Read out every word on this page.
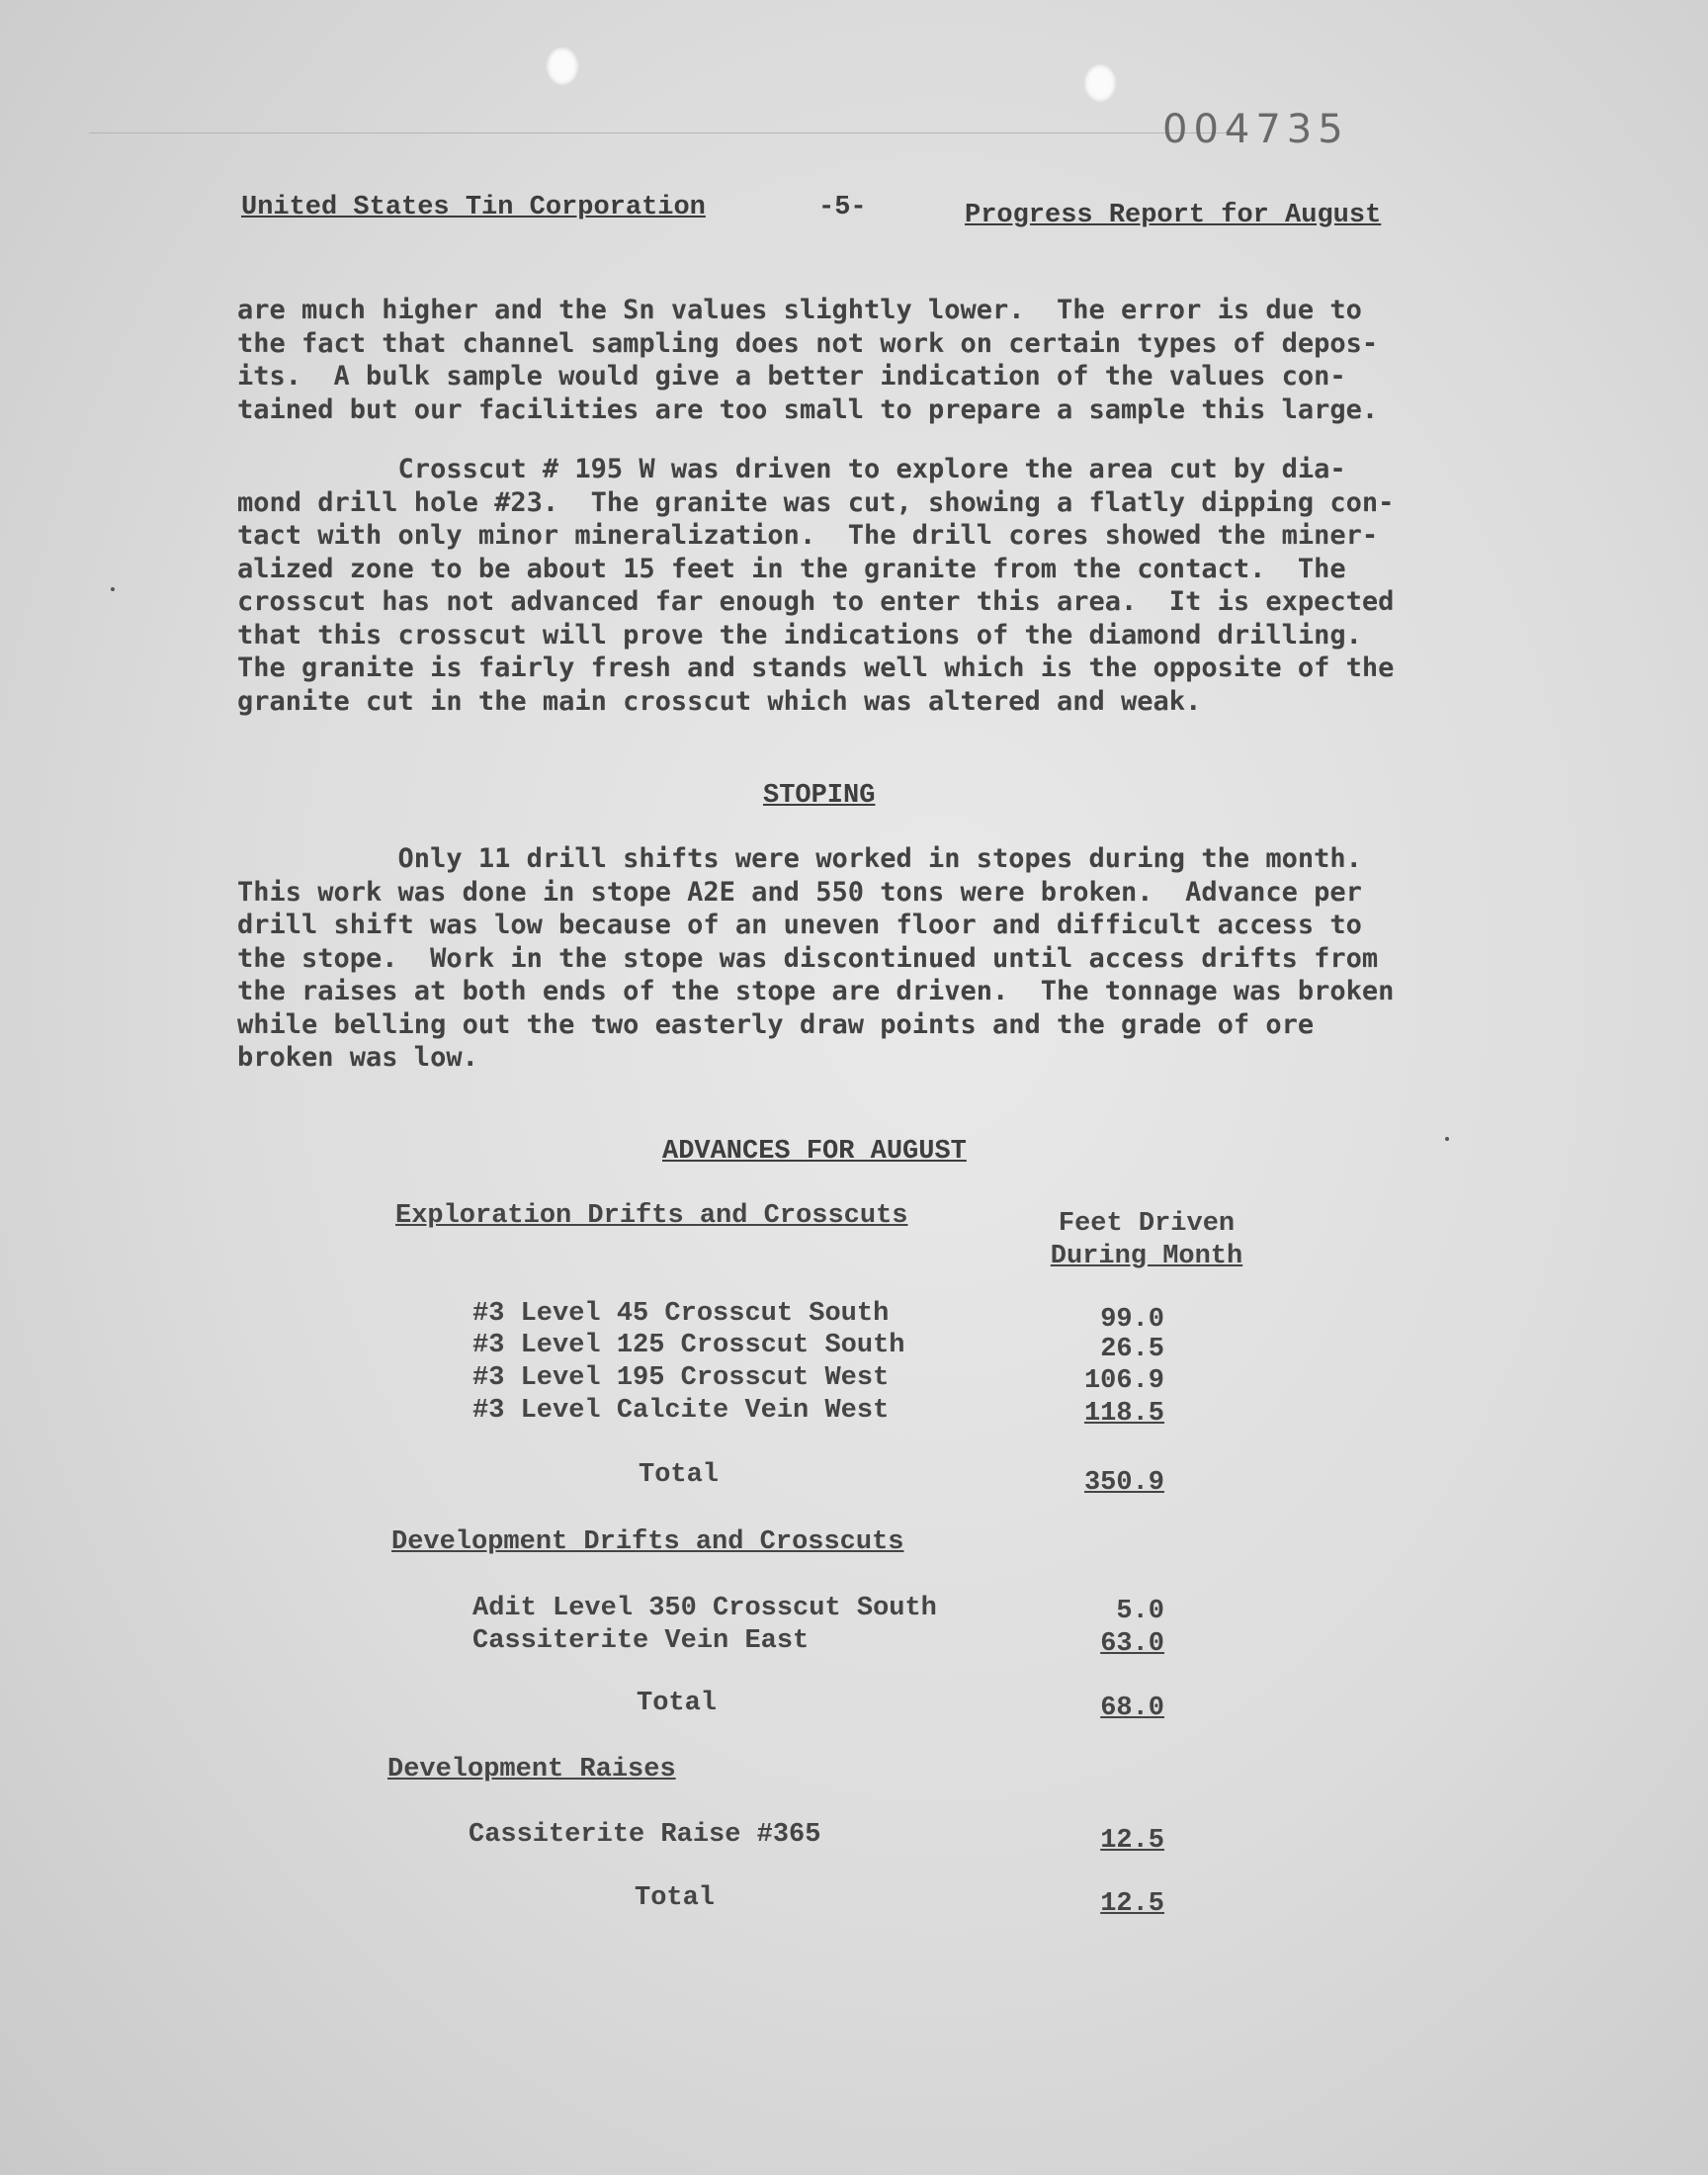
004735
United States Tin Corporation	-5-	Progress Report for August
are much higher and the Sn values slightly lower.  The error is due to
the fact that channel sampling does not work on certain types of depos-
its.  A bulk sample would give a better indication of the values con-
tained but our facilities are too small to prepare a sample this large.
Crosscut # 195 W was driven to explore the area cut by dia-
mond drill hole #23.  The granite was cut, showing a flatly dipping con-
tact with only minor mineralization.  The drill cores showed the miner-
alized zone to be about 15 feet in the granite from the contact.  The
crosscut has not advanced far enough to enter this area.  It is expected
that this crosscut will prove the indications of the diamond drilling.
The granite is fairly fresh and stands well which is the opposite of the
granite cut in the main crosscut which was altered and weak.
STOPING
Only 11 drill shifts were worked in stopes during the month.
This work was done in stope A2E and 550 tons were broken.  Advance per
drill shift was low because of an uneven floor and difficult access to
the stope.  Work in the stope was discontinued until access drifts from
the raises at both ends of the stope are driven.  The tonnage was broken
while belling out the two easterly draw points and the grade of ore
broken was low.
ADVANCES FOR AUGUST
Exploration Drifts and Crosscuts	Feet Driven
During Month
#3 Level 45 Crosscut South	99.0
#3 Level 125 Crosscut South	26.5
#3 Level 195 Crosscut West	106.9
#3 Level Calcite Vein West	118.5
Total	350.9
Development Drifts and Crosscuts
Adit Level 350 Crosscut South	5.0
Cassiterite Vein East	63.0
Total	68.0
Development Raises
Cassiterite Raise #365	12.5
Total	12.5
